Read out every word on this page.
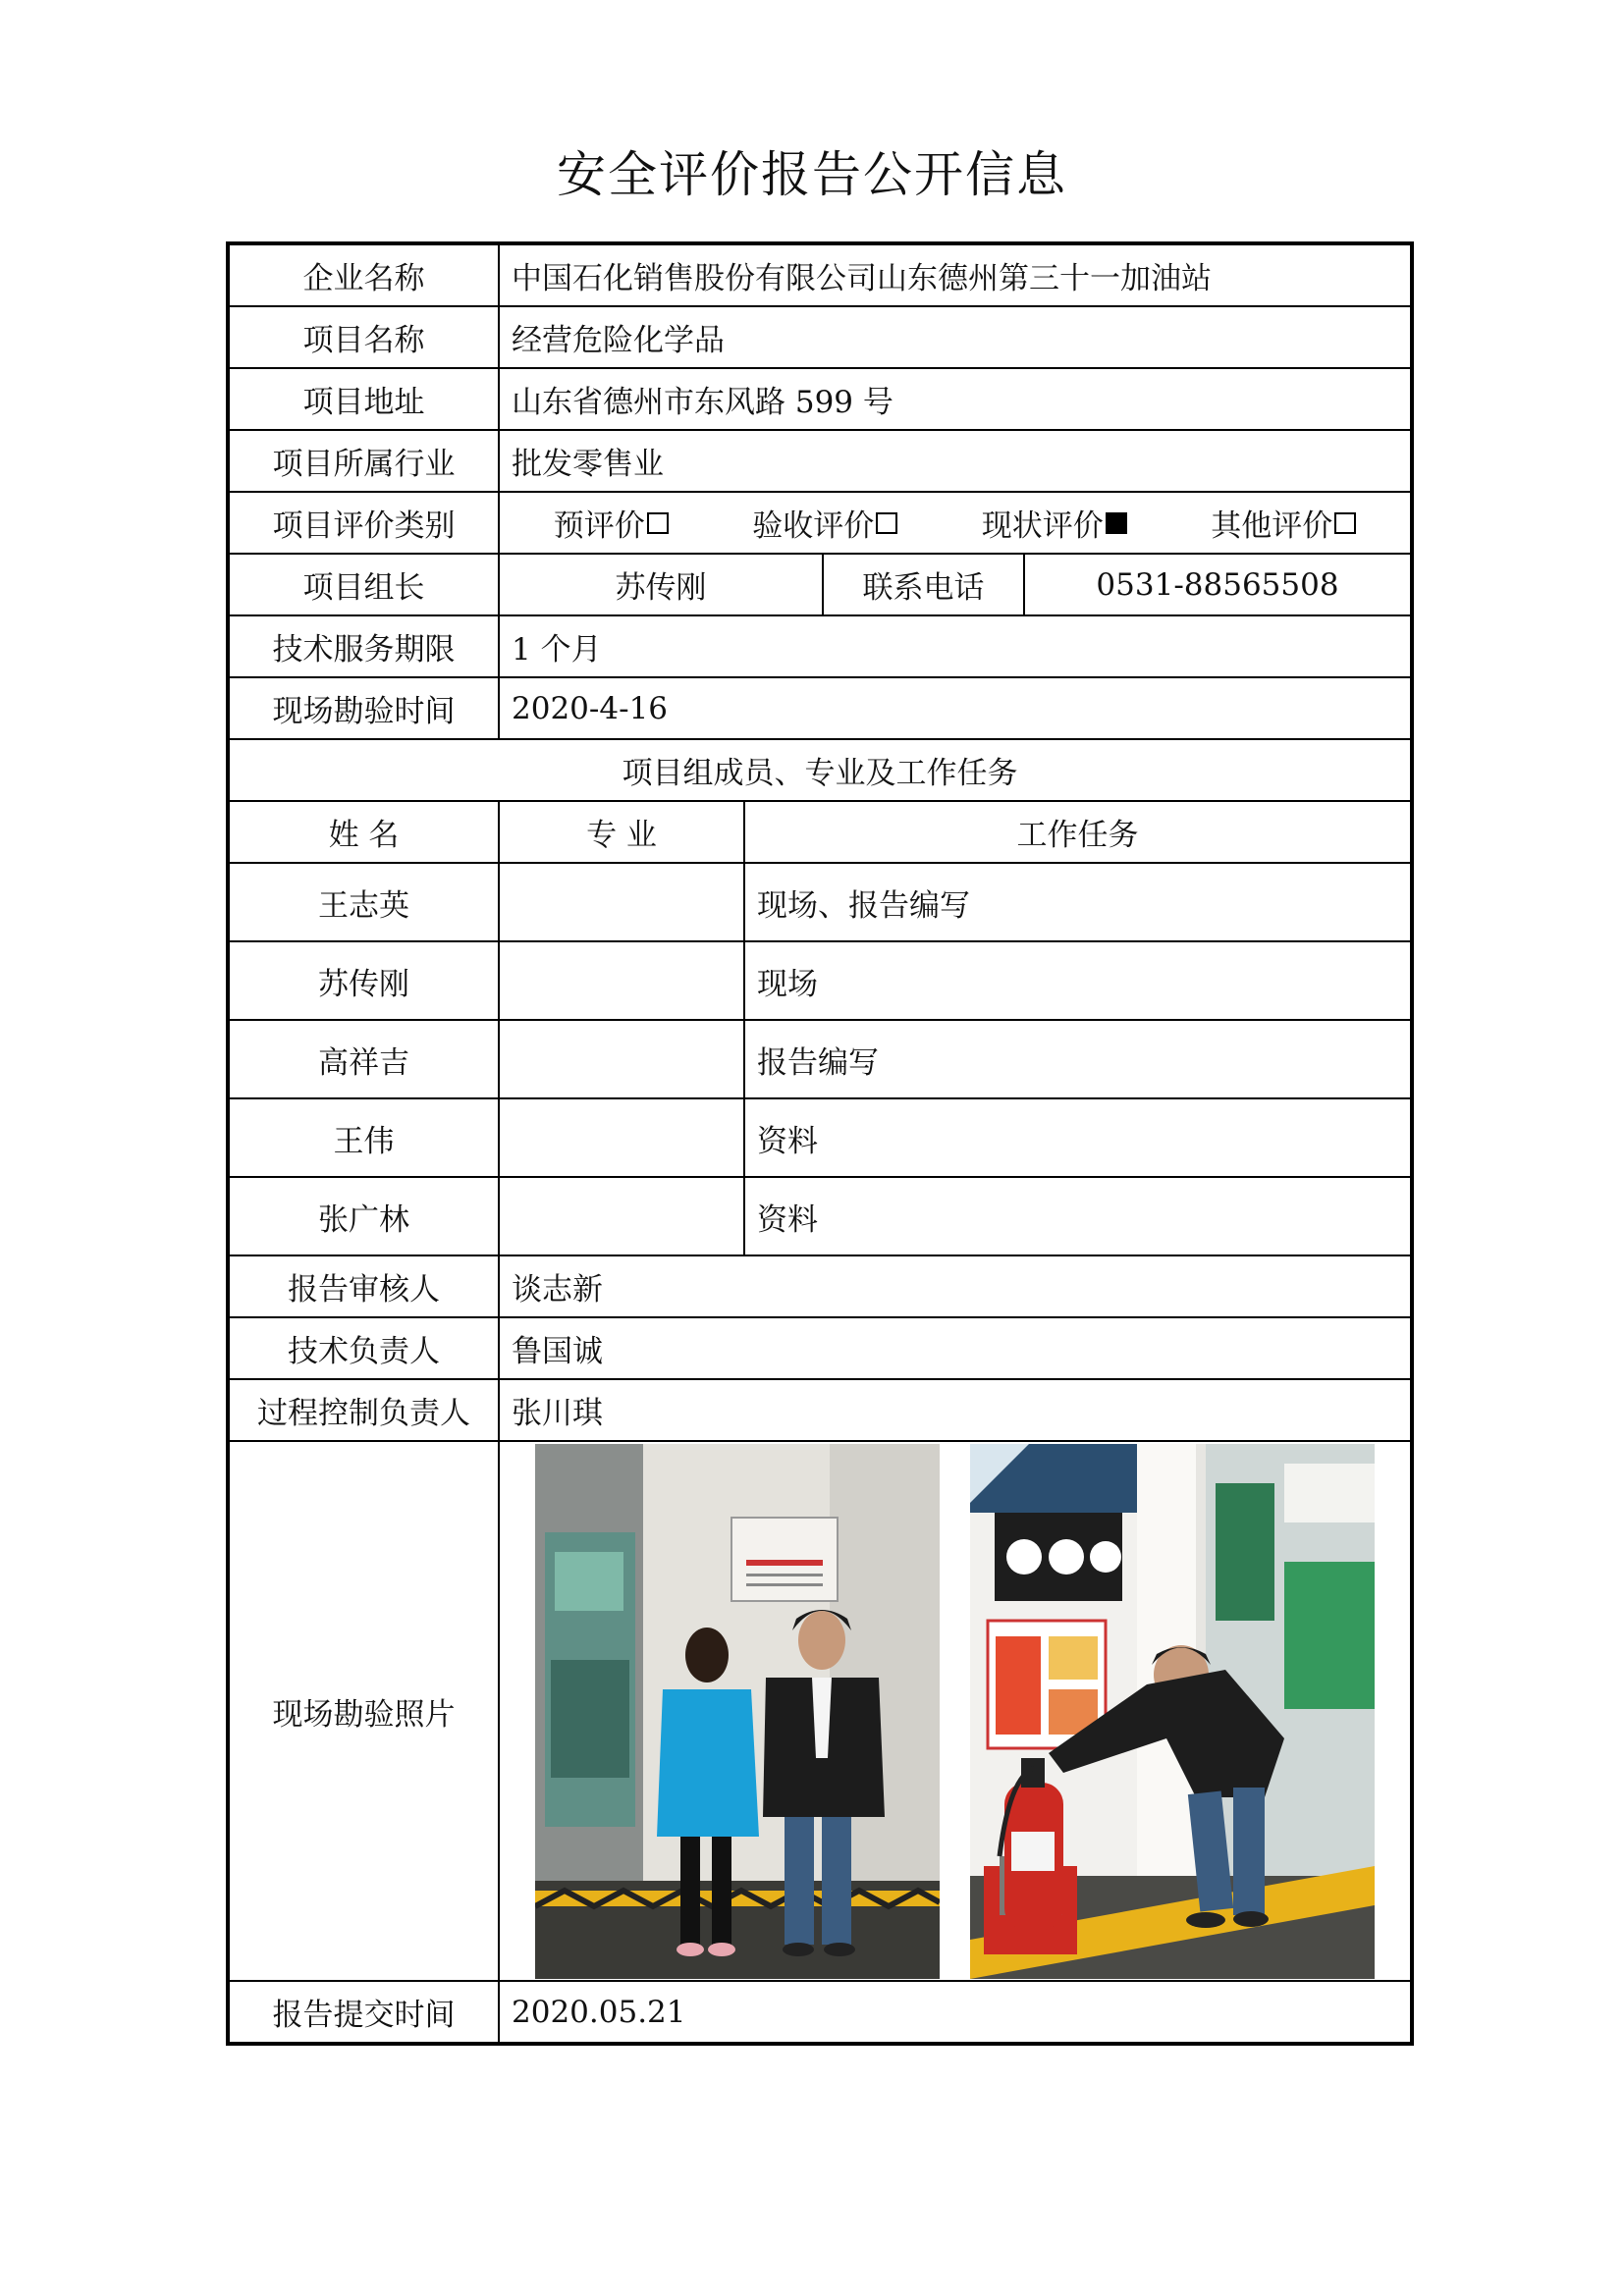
安全评价报告公开信息
企业名称	中国石化销售股份有限公司山东德州第三十一加油站			
项目名称	经营危险化学品			
项目地址	山东省德州市东风路 599 号			
项目所属行业	批发零售业			
项目评价类别	预评价 验收评价 现状评价 其他评价			

项目组长	苏传刚		联系电话	0531-88565508
技术服务期限	1 个月			
现场勘验时间	2020-4-16			
项目组成员、专业及工作任务				
姓 名	专 业	工作任务		
王志英		现场、报告编写		
苏传刚		现场		
高祥吉		报告编写		
王伟		资料		
张广林		资料		
报告审核人	谈志新			
技术负责人	鲁国诚			
过程控制负责人	张川琪			
现场勘验照片	

报告提交时间	2020.05.21			
